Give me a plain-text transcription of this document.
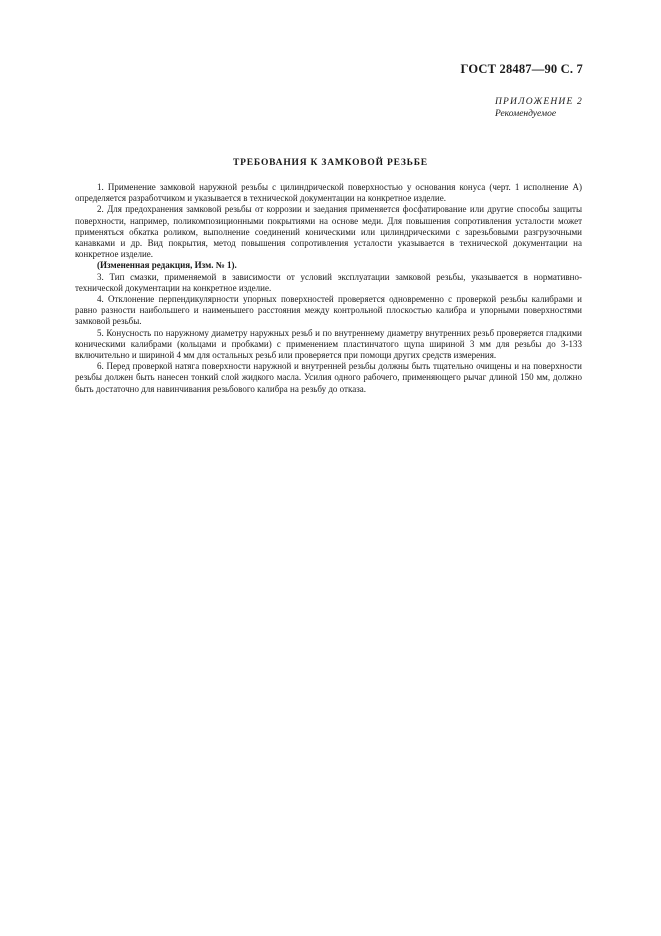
ГОСТ 28487—90 С. 7
ПРИЛОЖЕНИЕ 2
Рекомендуемое
ТРЕБОВАНИЯ К ЗАМКОВОЙ РЕЗЬБЕ

1. Применение замковой наружной резьбы с цилиндрической поверхностью у основания конуса (черт. 1 исполнение А) определяется разработчиком и указывается в технической документации на конкретное изделие.

2. Для предохранения замковой резьбы от коррозии и заедания применяется фосфатирование или другие способы защиты поверхности, например, поликомпозиционными покрытиями на основе меди. Для повышения сопротивления усталости может применяться обкатка роликом, выполнение соединений коническими или цилиндрическими с зарезьбовыми разгрузочными канавками и др. Вид покрытия, метод повышения сопротивления усталости указывается в технической документации на конкретное изделие.

(Измененная редакция, Изм. № 1).

3. Тип смазки, применяемой в зависимости от условий эксплуатации замковой резьбы, указывается в нормативно-технической документации на конкретное изделие.

4. Отклонение перпендикулярности упорных поверхностей проверяется одновременно с проверкой резьбы калибрами и равно разности наибольшего и наименьшего расстояния между контрольной плоскостью калибра и упорными поверхностями замковой резьбы.

5. Конусность по наружному диаметру наружных резьб и по внутреннему диаметру внутренних резьб проверяется гладкими коническими калибрами (кольцами и пробками) с применением пластинчатого щупа шириной 3 мм для резьбы до З-133 включительно и шириной 4 мм для остальных резьб или проверяется при помощи других средств измерения.

6. Перед проверкой натяга поверхности наружной и внутренней резьбы должны быть тщательно очищены и на поверхности резьбы должен быть нанесен тонкий слой жидкого масла. Усилия одного рабочего, применяющего рычаг длиной 150 мм, должно быть достаточно для навинчивания резьбового калибра на резьбу до отказа.
